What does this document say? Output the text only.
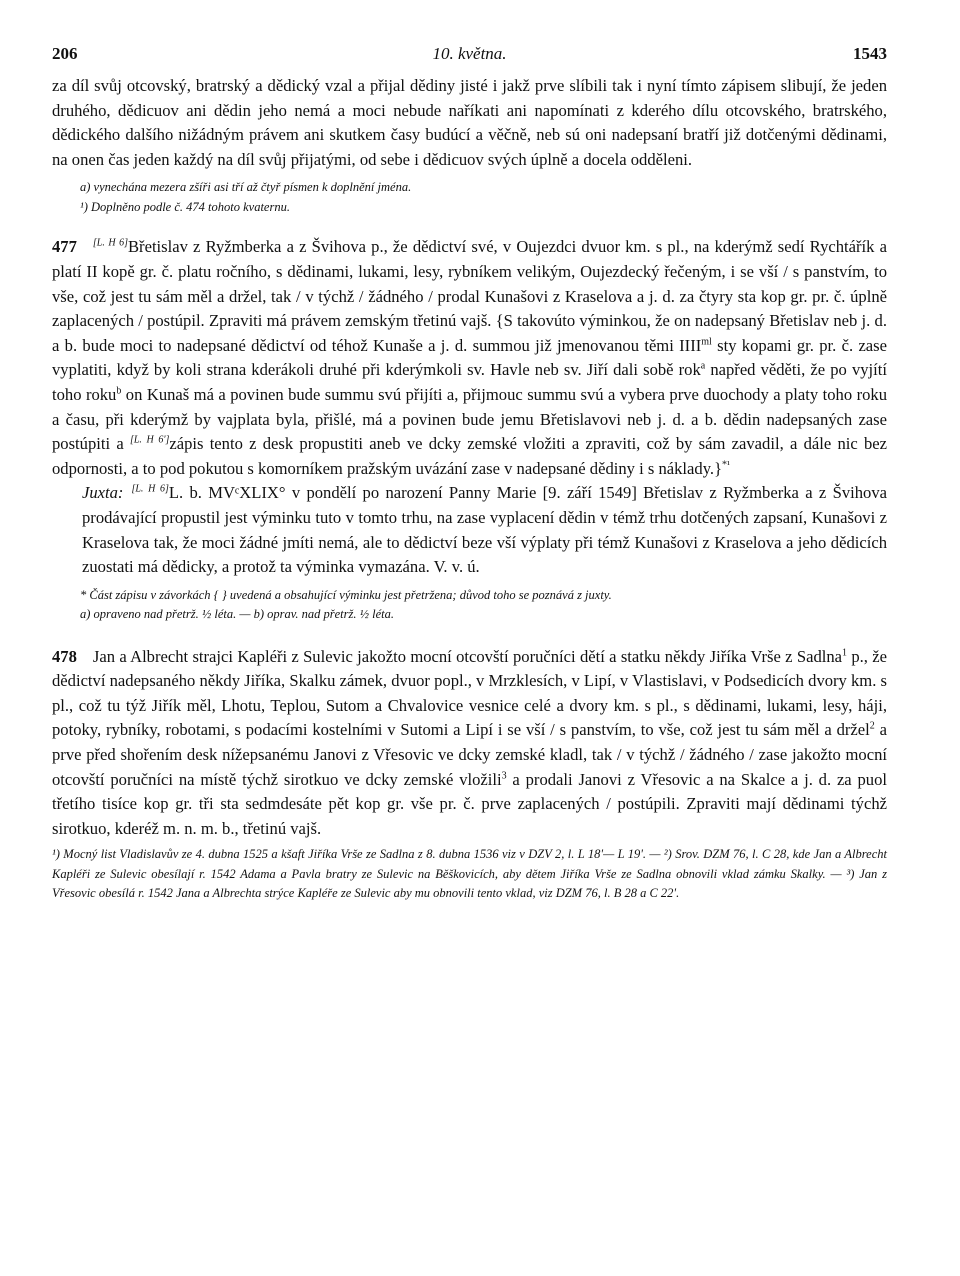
206	10. května.	1543

za díl svůj otcovský, bratrský a dědický vzal a přijal dědiny jisté i jakž prve slíbili tak i nyní tímto zápisem slibují, že jeden druhého, dědicuov ani dědin jeho nemá a moci nebude naříkati ani napomínati z kderého dílu otcovského, bratrského, dědického dalšího nižádným právem ani skutkem časy budúcí a věčně, neb sú oni nadepsaní bratří již dotčenými dědinami, na onen čas jeden každý na díl svůj přijatými, od sebe i dědicuov svých úplně a docela odděleni.

a) vynechána mezera zšíři asi tří až čtyř písmen k doplnění jména.
¹) Doplněno podle č. 474 tohoto kvaternu.

477 [L. H 6]Břetislav z Ryžmberka a z Švihova p., že dědictví své, v Oujezdci dvuor km. s pl., na kderýmž sedí Rychtářík a platí II kopě gr. č. platu ročního, s dědinami, lukami, lesy, rybníkem velikým, Oujezdecký řečeným, i se vší / s panstvím, to vše, což jest tu sám měl a držel, tak / v týchž / žádného / prodal Kunašovi z Kraselova a j. d. za čtyry sta kop gr. pr. č. úplně zaplacených / postúpil. Zpraviti má právem zemským třetinú vajš. {S takovúto výminkou, že on nadepsaný Břetislav neb j. d. a b. bude moci to nadepsané dědictví od téhož Kunaše a j. d. summou již jmenovanou těmi $IIII^{ml}$ sty kopami gr. pr. č. zase vyplatiti, když by koli strana kderákoli druhé při kderýmkoli sv. Havle neb sv. Jiří dali sobě rok$^a$ napřed věděti, že po vyjítí toho roku$^b$ on Kunaš má a povinen bude summu svú přijíti a, přijmouc summu svú a vybera prve duochody a platy toho roku a času, při kderýmž by vajplata byla, přišlé, má a povinen bude jemu Břetislavovi neb j. d. a b. dědin nadepsaných zase postúpiti a [L. H 6']zápis tento z desk propustiti aneb ve dcky zemské vložiti a zpraviti, což by sám zavadil, a dále nic bez odpornosti, a to pod pokutou s komorníkem pražským uvázání zase v nadepsané dědiny i s náklady.}$^{*^1}$

Juxta: [L. H 6]L. b. MVᶜXLIX° v pondělí po narození Panny Marie [9. září 1549] Břetislav z Ryžmberka a z Švihova prodávající propustil jest výminku tuto v tomto trhu, na zase vyplacení dědin v témž trhu dotčených zapsaní, Kunašovi z Kraselova tak, že moci žádné jmíti nemá, ale to dědictví beze vší výplaty při témž Kunašovi z Kraselova a jeho dědicích zuostati má dědicky, a protož ta výminka vymazána. V. v. ú.

* Část zápisu v závorkách { } uvedená a obsahující výminku jest přetržena; důvod toho se poznává z juxty.
a) opraveno nad přetrž. ½ léta. — b) oprav. nad přetrž. ½ léta.

478 Jan a Albrecht strajci Kapléři z Sulevic jakožto mocní otcovští poručníci dětí a statku někdy Jiříka Vrše z Sadlna$^1$ p., že dědictví nadepsaného někdy Jiříka, Skalku zámek, dvuor popl., v Mrzklesích, v Lipí, v Vlastislavi, v Podsedicích dvory km. s pl., což tu týž Jiřík měl, Lhotu, Teplou, Sutom a Chvalovice vesnice celé a dvory km. s pl., s dědinami, lukami, lesy, háji, potoky, rybníky, robotami, s podacími kostelními v Sutomi a Lipí i se vší / s panstvím, to vše, což jest tu sám měl a držel$^2$ a prve před shořením desk nížepsanému Janovi z Vřesovic ve dcky zemské kladl, tak / v týchž / žádného / zase jakožto mocní otcovští poručníci na místě týchž sirotkuo ve dcky zemské vložili$^3$ a prodali Janovi z Vřesovic a na Skalce a j. d. za puol třetího tisíce kop gr. tři sta sedmdesáte pět kop gr. vše pr. č. prve zaplacených / postúpili. Zpraviti mají dědinami týchž sirotkuo, kderéž m. n. m. b., třetinú vajš.

¹) Mocný list Vladislavův ze 4. dubna 1525 a kšaft Jiříka Vrše ze Sadlna z 8. dubna 1536 viz v DZV 2, l. L 18'— L 19'. — ²) Srov. DZM 76, l. C 28, kde Jan a Albrecht Kapléři ze Sulevic obesílají r. 1542 Adama a Pavla bratry ze Sulevic na Běškovicích, aby dětem Jiříka Vrše ze Sadlna obnovili vklad zámku Skalky. — ³) Jan z Vřesovic obesílá r. 1542 Jana a Albrechta strýce Kapléře ze Sulevic aby mu obnovili tento vklad, viz DZM 76, l. B 28 a C 22'.
